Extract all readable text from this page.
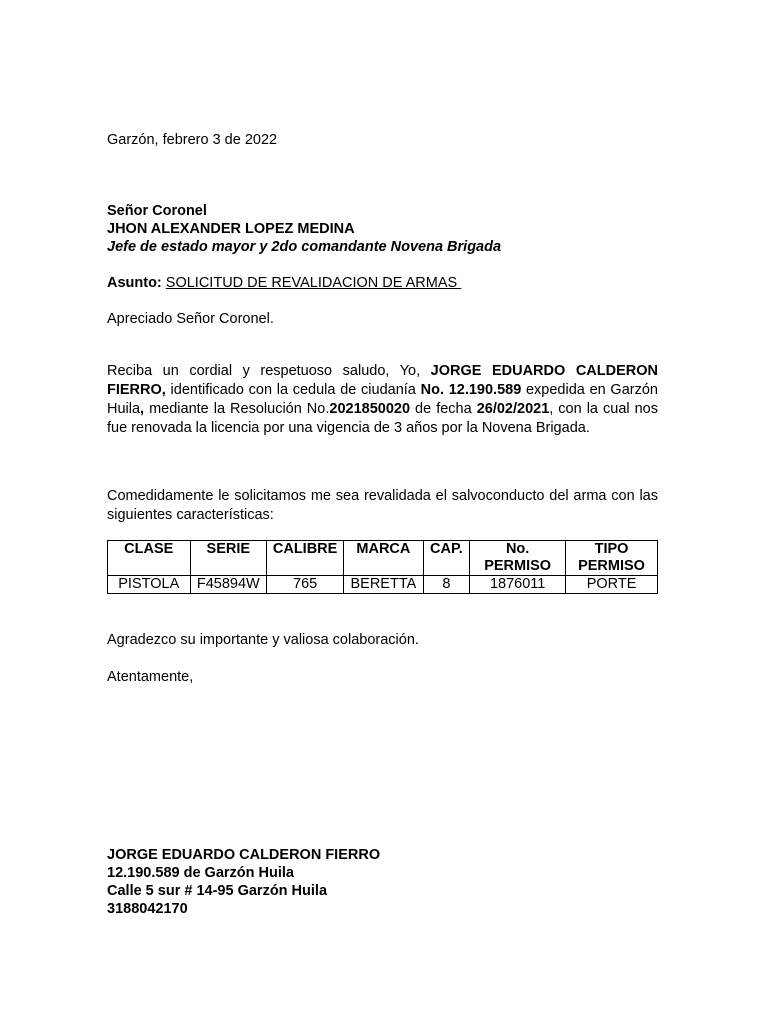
Garzón, febrero 3 de 2022
Señor Coronel
JHON ALEXANDER LOPEZ MEDINA
Jefe de estado mayor y 2do comandante Novena Brigada
Asunto: SOLICITUD DE REVALIDACION DE ARMAS
Apreciado Señor Coronel.
Reciba un cordial y respetuoso saludo, Yo, JORGE EDUARDO CALDERON FIERRO, identificado con la cedula de ciudanía No. 12.190.589 expedida en Garzón Huila, mediante la Resolución No.2021850020 de fecha 26/02/2021, con la cual nos fue renovada la licencia por una vigencia de 3 años por la Novena Brigada.
Comedidamente le solicitamos me sea revalidada el salvoconducto del arma con las siguientes características:
CLASE	SERIE	CALIBRE	MARCA	CAP.	No. PERMISO	TIPO PERMISO
PISTOLA	F45894W	765	BERETTA	8	1876011	PORTE
Agradezco su importante y valiosa colaboración.
Atentamente,
JORGE EDUARDO CALDERON FIERRO
12.190.589 de Garzón Huila
Calle 5 sur # 14-95 Garzón Huila
3188042170
